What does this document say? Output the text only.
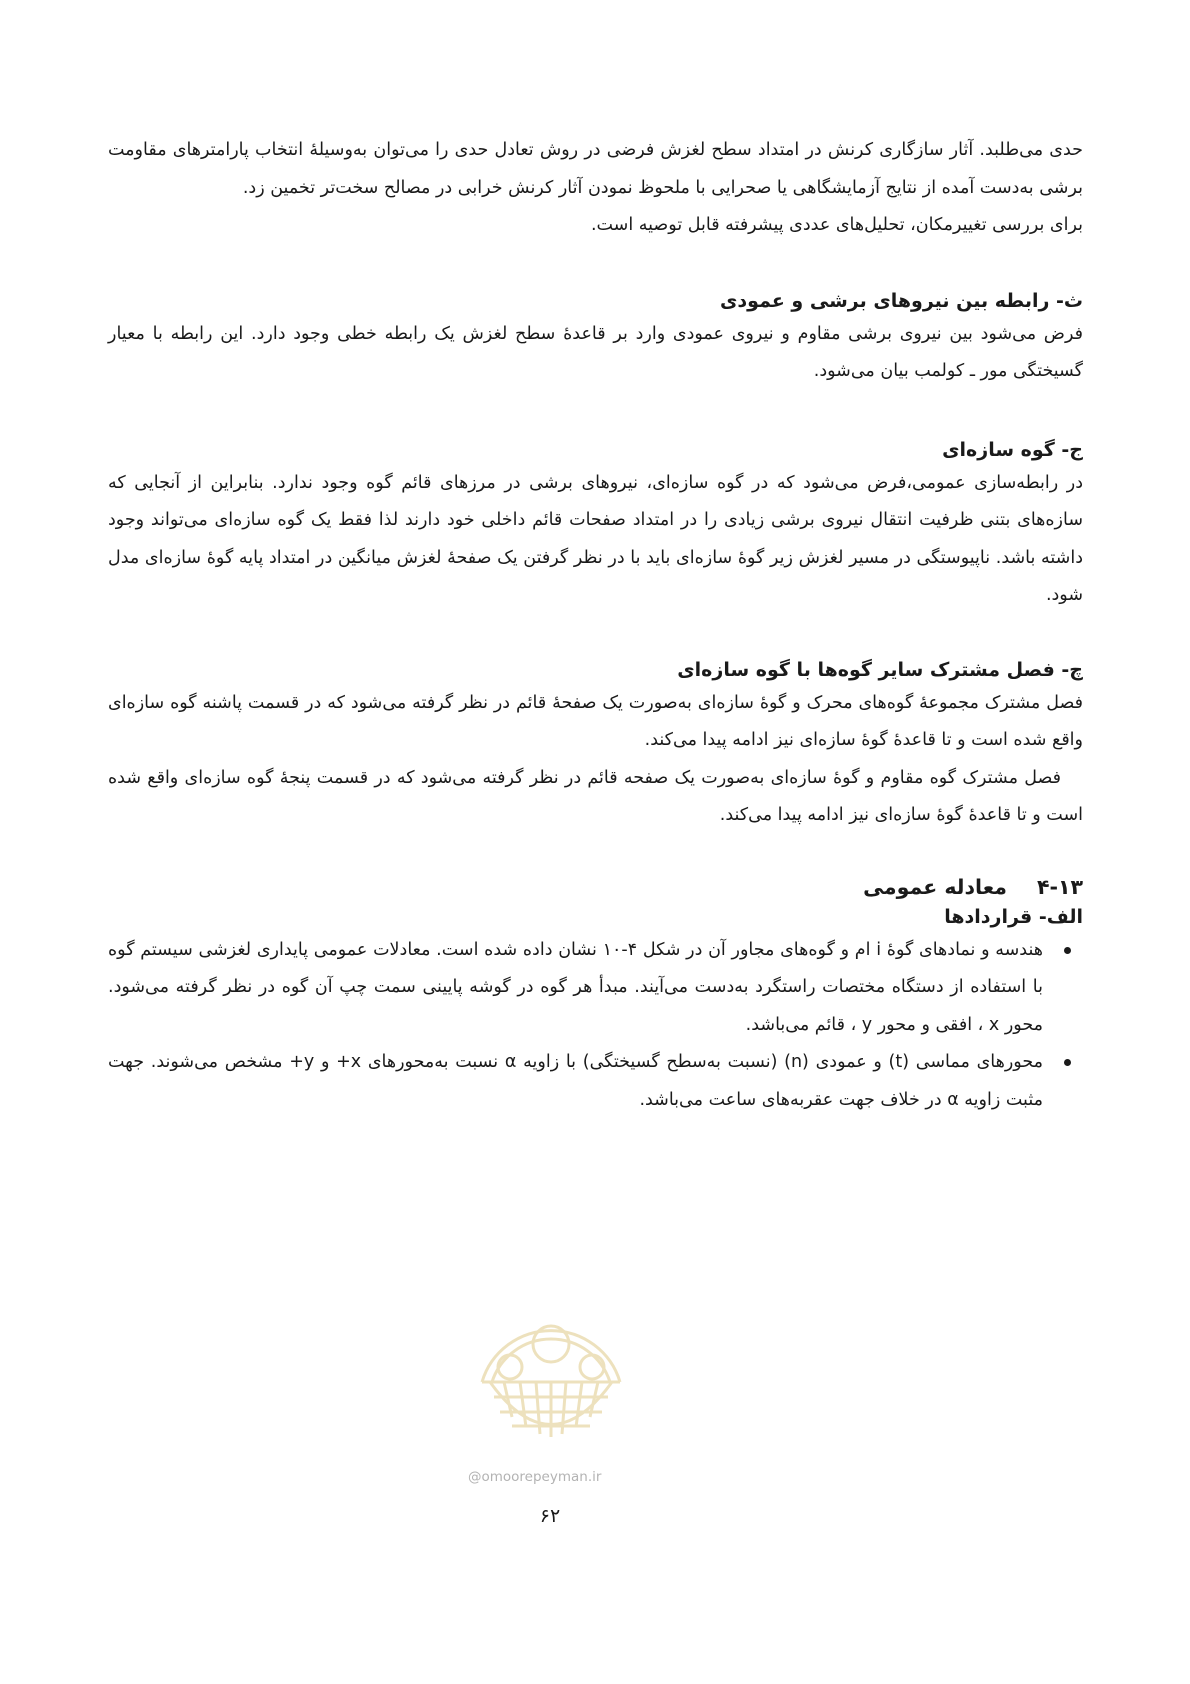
حدی می‌طلبد. آثار سازگاری کرنش در امتداد سطح لغزش فرضی در روش تعادل حدی را می‌توان به‌وسیلهٔ انتخاب پارامترهای مقاومت برشی به‌دست آمده از نتایج آزمایشگاهی یا صحرایی با ملحوظ نمودن آثار کرنش خرابی در مصالح سخت‌تر تخمین زد.

برای بررسی تغییرمکان، تحلیل‌های عددی پیشرفته قابل توصیه است.

ث- رابطه بین نیروهای برشی و عمودی

فرض می‌شود بین نیروی برشی مقاوم و نیروی عمودی وارد بر قاعدهٔ سطح لغزش یک رابطه خطی وجود دارد. این رابطه با معیار گسیختگی مور ـ کولمب بیان می‌شود.

ج- گوه سازه‌ای

در رابطه‌سازی عمومی،فرض می‌شود که در گوه سازه‌ای، نیروهای برشی در مرزهای قائم گوه وجود ندارد. بنابراین از آنجایی که سازه‌های بتنی ظرفیت انتقال نیروی برشی زیادی را در امتداد صفحات قائم داخلی خود دارند لذا فقط یک گوه سازه‌ای می‌تواند وجود داشته باشد. ناپیوستگی در مسیر لغزش زیر گوهٔ سازه‌ای باید با در نظر گرفتن یک صفحهٔ لغزش میانگین در امتداد پایه گوهٔ سازه‌ای مدل شود.

چ- فصل مشترک سایر گوه‌ها با گوه سازه‌ای

فصل مشترک مجموعهٔ گوه‌های محرک و گوهٔ سازه‌ای به‌صورت یک صفحهٔ قائم در نظر گرفته می‌شود که در قسمت پاشنه گوه سازه‌ای واقع شده است و تا قاعدهٔ گوهٔ سازه‌ای نیز ادامه پیدا می‌کند.

فصل مشترک گوه مقاوم و گوهٔ سازه‌ای به‌صورت یک صفحه قائم در نظر گرفته می‌شود که در قسمت پنجهٔ گوه سازه‌ای واقع شده است و تا قاعدهٔ گوهٔ سازه‌ای نیز ادامه پیدا می‌کند.

۴-۱۳معادله عمومی
الف- قراردادها
هندسه و نمادهای گوهٔ i ام و گوه‌های مجاور آن در شکل ۴-۱۰ نشان داده شده است. معادلات عمومی پایداری لغزشی سیستم گوه با استفاده از دستگاه مختصات راستگرد به‌دست می‌آیند. مبدأ هر گوه در گوشه پایینی سمت چپ آن گوه در نظر گرفته می‌شود. محور x ، افقی و محور y ، قائم می‌باشد.
محورهای مماسی (t) و عمودی (n) (نسبت به‌سطح گسیختگی) با زاویه α نسبت به‌محورهای x+ و y+ مشخص می‌شوند. جهت مثبت زاویه α در خلاف جهت عقربه‌های ساعت می‌باشد.
@omoorepeyman.ir
۶۲
